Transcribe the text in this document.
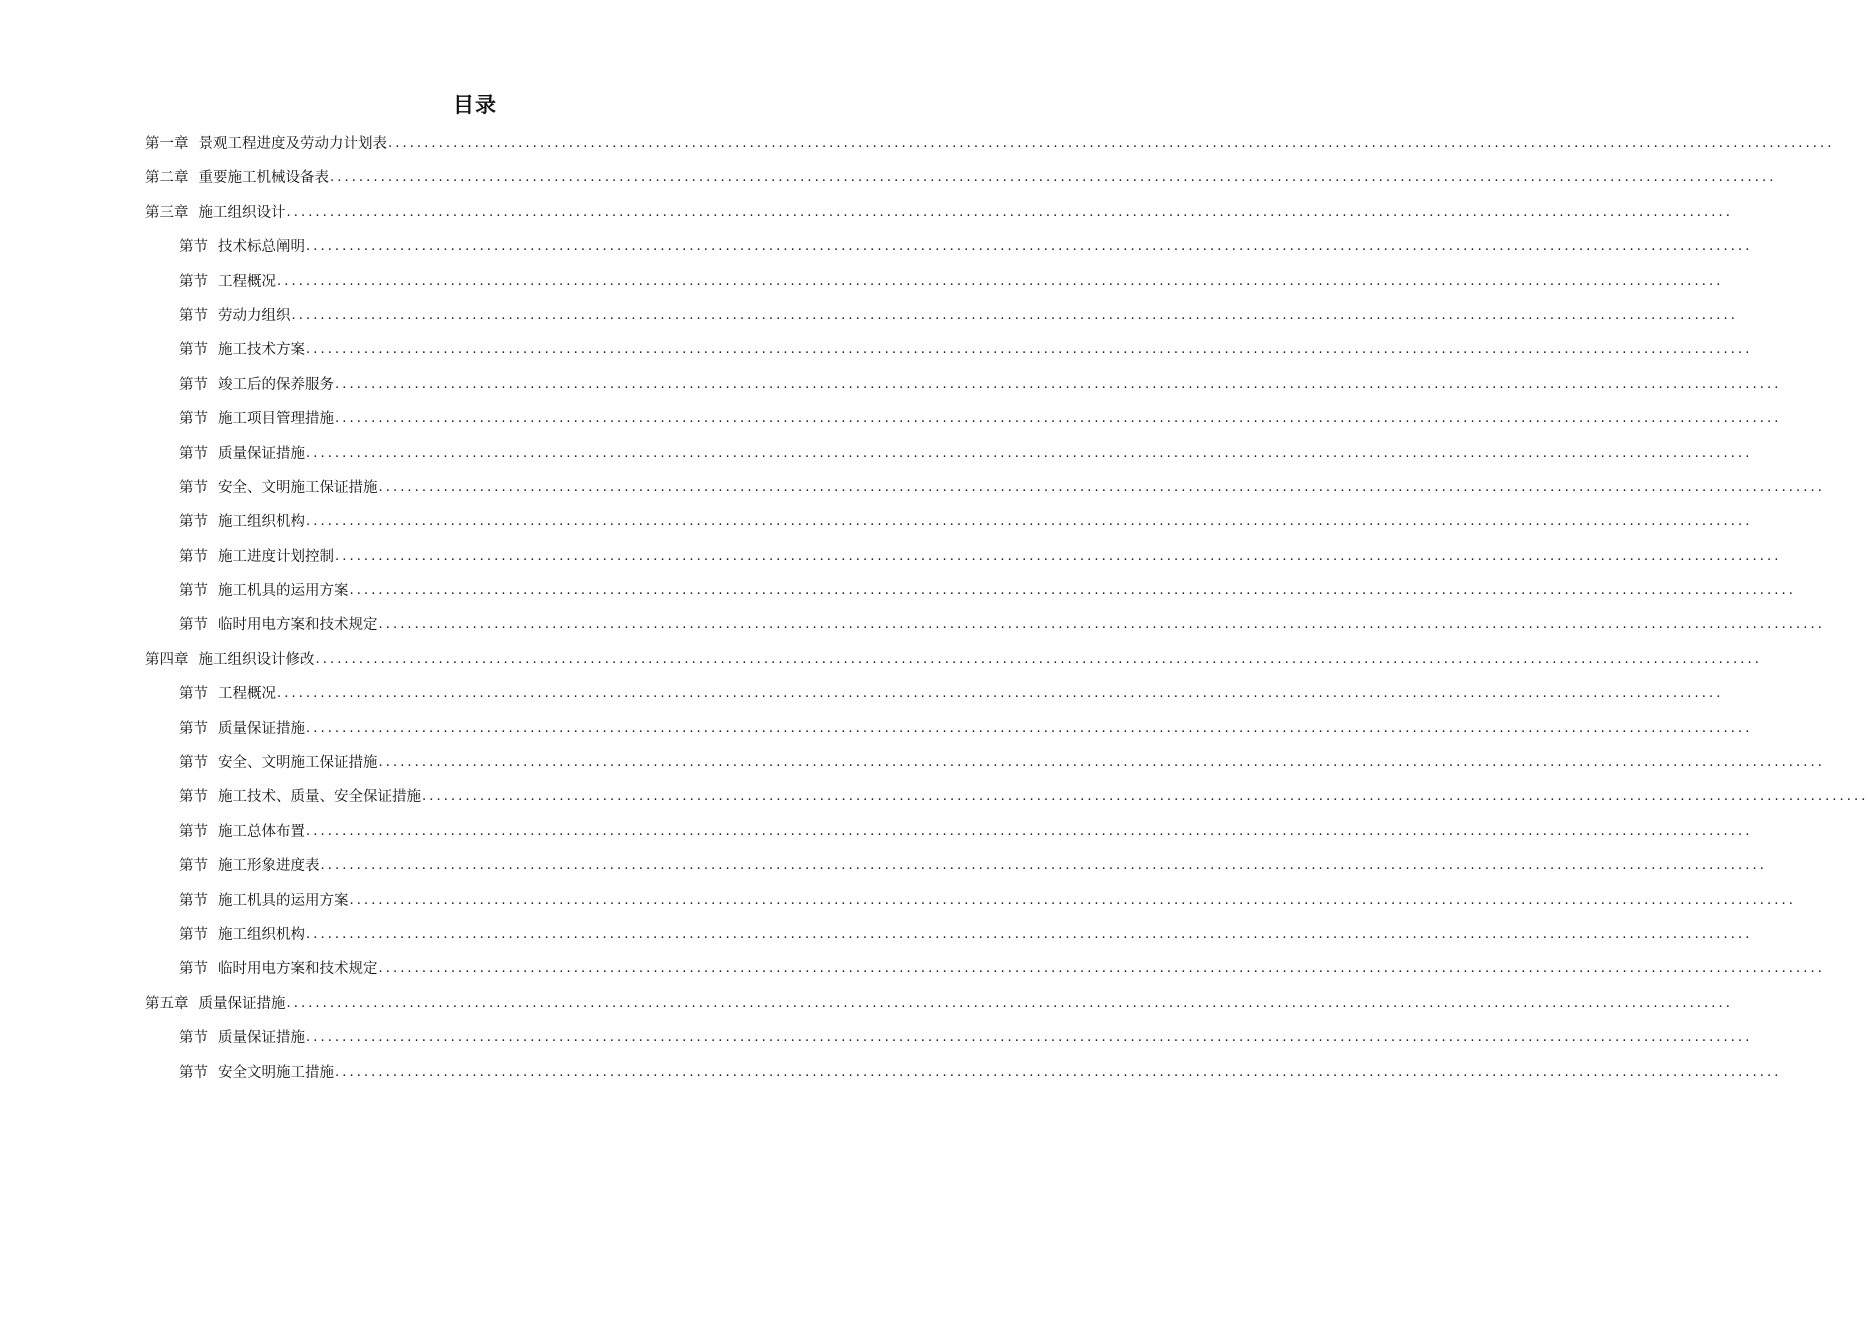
目录
第一章 景观工程进度及劳动力计划表 ........................................................................................................................................................................................................
第二章 重要施工机械设备表 ........................................................................................................................................................................................................
第三章 施工组织设计 ........................................................................................................................................................................................................
第节 技术标总阐明 ........................................................................................................................................................................................................
第节 工程概况 ........................................................................................................................................................................................................
第节 劳动力组织 ........................................................................................................................................................................................................
第节 施工技术方案 ........................................................................................................................................................................................................
第节 竣工后的保养服务 ........................................................................................................................................................................................................
第节 施工项目管理措施 ........................................................................................................................................................................................................
第节 质量保证措施 ........................................................................................................................................................................................................
第节 安全、文明施工保证措施 ........................................................................................................................................................................................................
第节 施工组织机构 ........................................................................................................................................................................................................
第节 施工进度计划控制 ........................................................................................................................................................................................................
第节 施工机具的运用方案 ........................................................................................................................................................................................................
第节 临时用电方案和技术规定 ........................................................................................................................................................................................................
第四章 施工组织设计修改 ........................................................................................................................................................................................................
第节 工程概况 ........................................................................................................................................................................................................
第节 质量保证措施 ........................................................................................................................................................................................................
第节 安全、文明施工保证措施 ........................................................................................................................................................................................................
第节 施工技术、质量、安全保证措施 ........................................................................................................................................................................................................
第节 施工总体布置 ........................................................................................................................................................................................................
第节 施工形象进度表 ........................................................................................................................................................................................................
第节 施工机具的运用方案 ........................................................................................................................................................................................................
第节 施工组织机构 ........................................................................................................................................................................................................
第节 临时用电方案和技术规定 ........................................................................................................................................................................................................
第五章 质量保证措施 ........................................................................................................................................................................................................
第节 质量保证措施 ........................................................................................................................................................................................................
第节 安全文明施工措施 ........................................................................................................................................................................................................
